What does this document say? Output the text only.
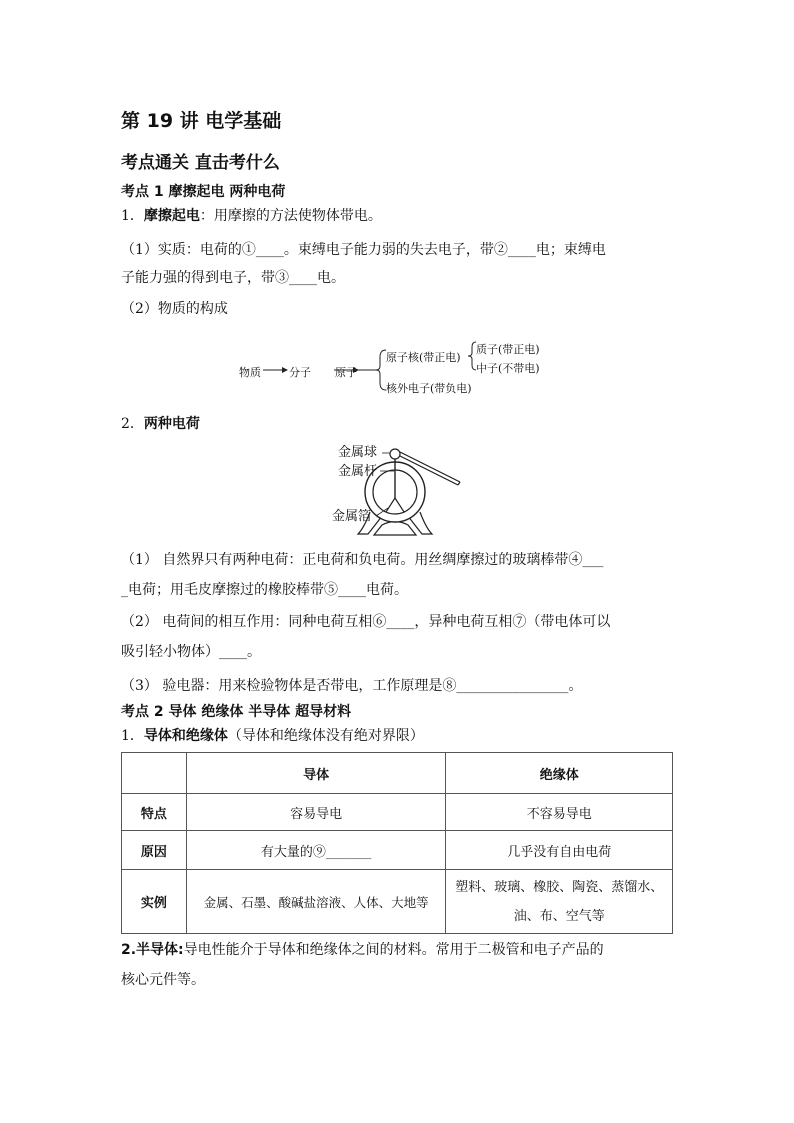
第 19 讲 电学基础
考点通关 直击考什么
考点 1 摩擦起电 两种电荷
1．摩擦起电：用摩擦的方法使物体带电。
（1）实质：电荷的①____。束缚电子能力弱的失去电子，带②____电；束缚电
子能力强的得到电子，带③____电。
（2）物质的构成
物质	分子 原子
原子核(带正电)
核外电子(带负电)
质子(带正电)
中子(不带电)
2．两种电荷
金属球
金属杆
金属箔
（1） 自然界只有两种电荷：正电荷和负电荷。用丝绸摩擦过的玻璃棒带④___
_电荷；用毛皮摩擦过的橡胶棒带⑤____电荷。
（2） 电荷间的相互作用：同种电荷互相⑥____，异种电荷互相⑦（带电体可以
吸引轻小物体）____。
（3） 验电器：用来检验物体是否带电，工作原理是⑧________________。
考点 2 导体 绝缘体 半导体 超导材料
1．导体和绝缘体（导体和绝缘体没有绝对界限）
	导体	绝缘体
特点	容易导电	不容易导电
原因	有大量的⑨_______	几乎没有自由电荷
实例	金属、石墨、酸碱盐溶液、人体、大地等	塑料、玻璃、橡胶、陶瓷、蒸馏水、
油、布、空气等
2.半导体:导电性能介于导体和绝缘体之间的材料。常用于二极管和电子产品的
核心元件等。
